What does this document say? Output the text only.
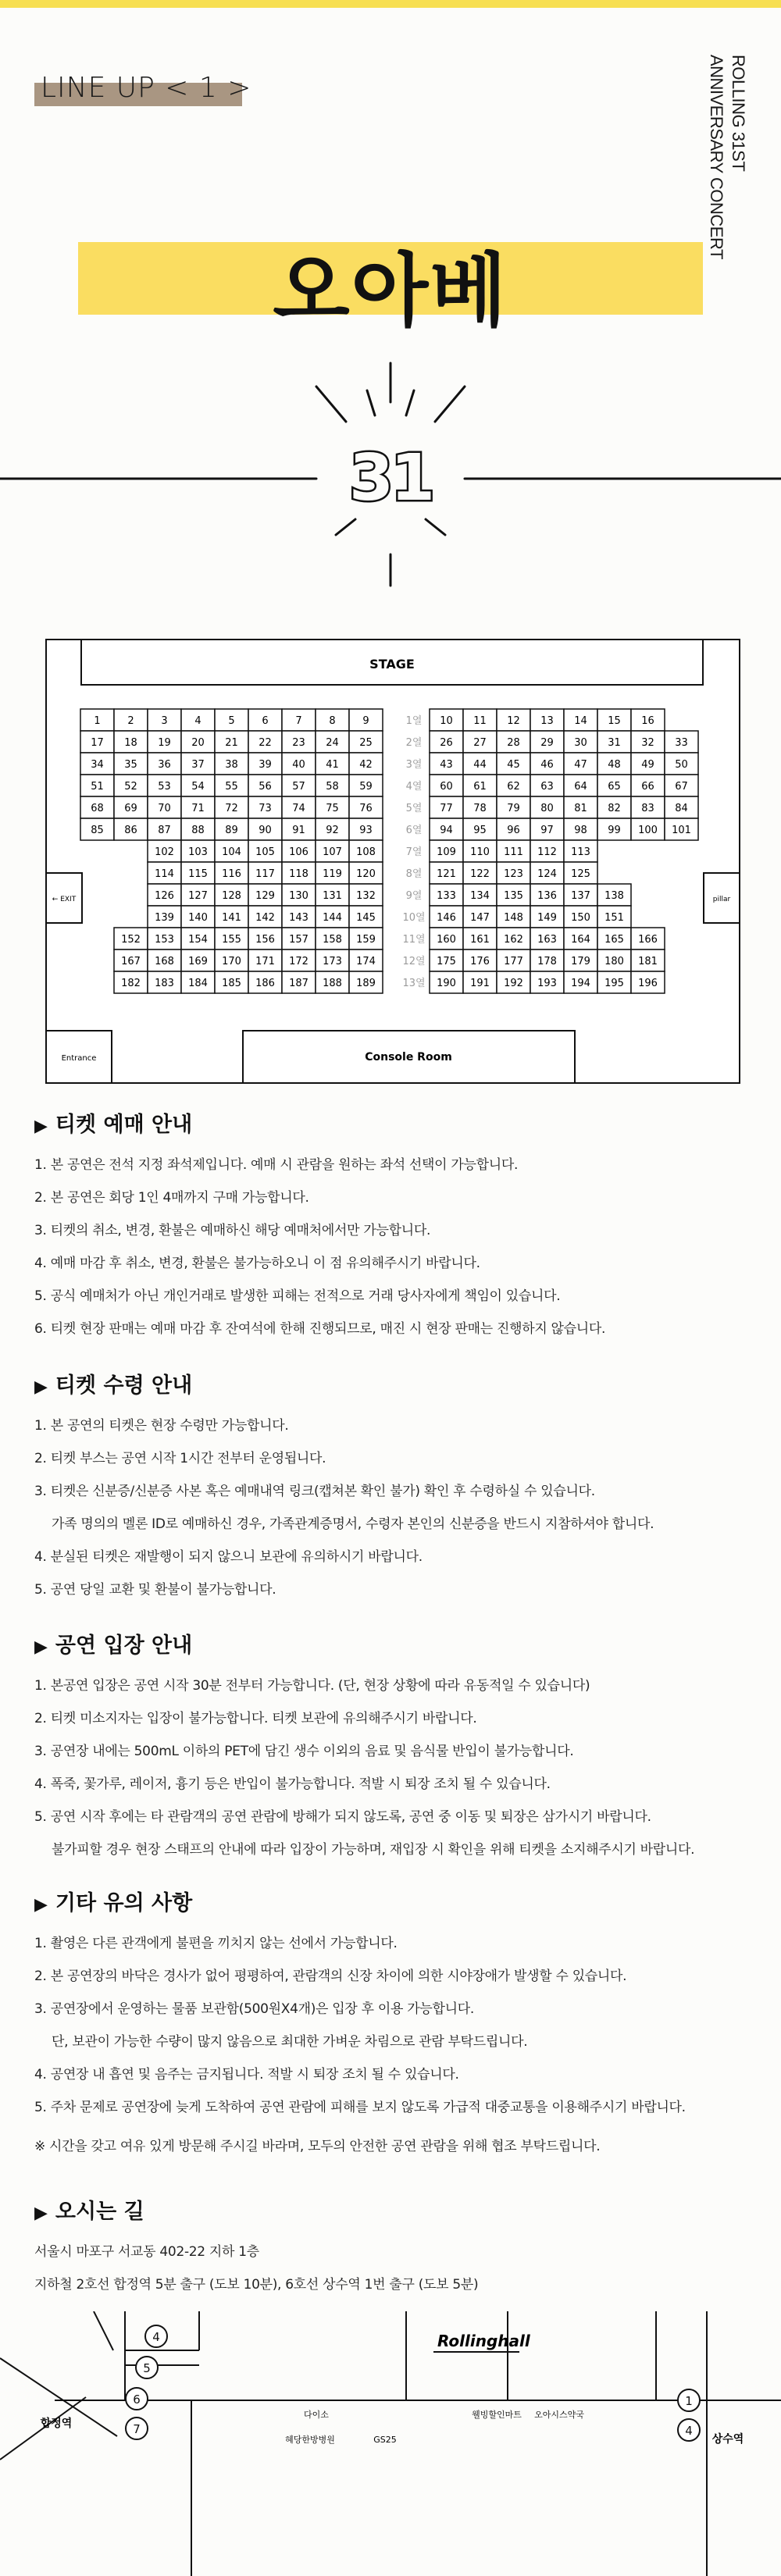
LINE UP < 1 >	ROLLING 31ST
ANNIVERSARY CONCERT
오아베
31
STAGE
← EXIT	pillar
Entrance	Console Room
1	2	3	4	5	6	7	8	9	1열 10 11 12 13 14 15 16
17 18 19 20 21 22 23 24 25	2열 26 27 28 29 30 31 32 33
34 35 36 37 38 39 40 41 42	3열 43 44 45 46 47 48 49 50
51 52 53 54 55 56 57 58 59	4열 60 61 62 63 64 65 66 67
68 69 70 71 72 73 74 75 76	5열 77 78 79 80 81 82 83 84
85 86 87 88 89 90 91 92 93	6열 94 95 96 97 98 99 100 101
102 103 104 105 106 107 108	7열 109 110 111 112 113
114 115 116 117 118 119 120	8열 121 122 123 124 125
126 127 128 129 130 131 132	9열 133 134 135 136 137 138
139 140 141 142 143 144 145	10열 146 147 148 149 150 151
152 153 154 155 156 157 158 159	11열 160 161 162 163 164 165 166
167 168 169 170 171 172 173 174	12열 175 176 177 178 179 180 181
182 183 184 185 186 187 188 189	13열 190 191 192 193 194 195 196
▶ 티켓 예매 안내
1. 본 공연은 전석 지정 좌석제입니다. 예매 시 관람을 원하는 좌석 선택이 가능합니다.
2. 본 공연은 회당 1인 4매까지 구매 가능합니다.
3. 티켓의 취소, 변경, 환불은 예매하신 해당 예매처에서만 가능합니다.
4. 예매 마감 후 취소, 변경, 환불은 불가능하오니 이 점 유의해주시기 바랍니다.
5. 공식 예매처가 아닌 개인거래로 발생한 피해는 전적으로 거래 당사자에게 책임이 있습니다.
6. 티켓 현장 판매는 예매 마감 후 잔여석에 한해 진행되므로, 매진 시 현장 판매는 진행하지 않습니다.
▶ 티켓 수령 안내
1. 본 공연의 티켓은 현장 수령만 가능합니다.
2. 티켓 부스는 공연 시작 1시간 전부터 운영됩니다.
3. 티켓은 신분증/신분증 사본 혹은 예매내역 링크(캡쳐본 확인 불가) 확인 후 수령하실 수 있습니다.
가족 명의의 멜론 ID로 예매하신 경우, 가족관계증명서, 수령자 본인의 신분증을 반드시 지참하셔야 합니다.
4. 분실된 티켓은 재발행이 되지 않으니 보관에 유의하시기 바랍니다.
5. 공연 당일 교환 및 환불이 불가능합니다.
▶ 공연 입장 안내
1. 본공연 입장은 공연 시작 30분 전부터 가능합니다. (단, 현장 상황에 따라 유동적일 수 있습니다)
2. 티켓 미소지자는 입장이 불가능합니다. 티켓 보관에 유의해주시기 바랍니다.
3. 공연장 내에는 500mL 이하의 PET에 담긴 생수 이외의 음료 및 음식물 반입이 불가능합니다.
4. 폭죽, 꽃가루, 레이저, 흉기 등은 반입이 불가능합니다. 적발 시 퇴장 조치 될 수 있습니다.
5. 공연 시작 후에는 타 관람객의 공연 관람에 방해가 되지 않도록, 공연 중 이동 및 퇴장은 삼가시기 바랍니다.
불가피할 경우 현장 스태프의 안내에 따라 입장이 가능하며, 재입장 시 확인을 위해 티켓을 소지해주시기 바랍니다.
▶ 기타 유의 사항
1. 촬영은 다른 관객에게 불편을 끼치지 않는 선에서 가능합니다.
2. 본 공연장의 바닥은 경사가 없어 평평하여, 관람객의 신장 차이에 의한 시야장애가 발생할 수 있습니다.
3. 공연장에서 운영하는 물품 보관함(500원X4개)은 입장 후 이용 가능합니다.
단, 보관이 가능한 수량이 많지 않음으로 최대한 가벼운 차림으로 관람 부탁드립니다.
4. 공연장 내 흡연 및 음주는 금지됩니다. 적발 시 퇴장 조치 될 수 있습니다.
5. 주차 문제로 공연장에 늦게 도착하여 공연 관람에 피해를 보지 않도록 가급적 대중교통을 이용해주시기 바랍니다.
※ 시간을 갖고 여유 있게 방문해 주시길 바라며, 모두의 안전한 공연 관람을 위해 협조 부탁드립니다.
▶ 오시는 길
서울시 마포구 서교동 402-22 지하 1층
지하철 2호선 합정역 5분 출구 (도보 10분), 6호선 상수역 1번 출구 (도보 5분)
Rollinghall
합정역
상수역
다이소
혜당한방병원	GS25
웰빙할인마트 오아시스약국
4
5
6
7
1
4
